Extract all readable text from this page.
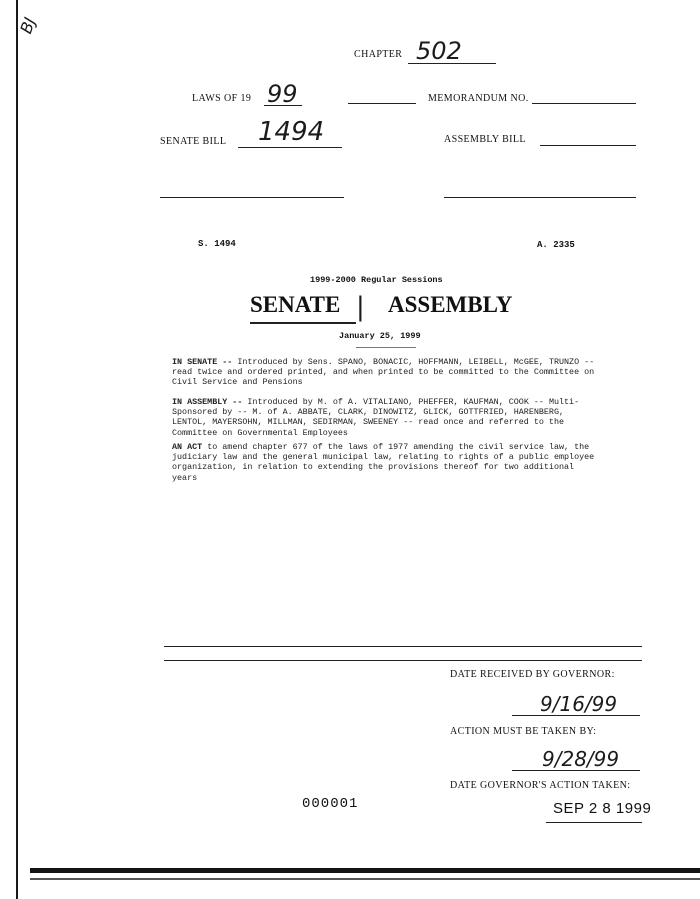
BJ
CHAPTER 502
LAWS OF 19 99	MEMORANDUM NO.
SENATE BILL 1494	ASSEMBLY BILL
S. 1494	A. 2335
1999-2000 Regular Sessions
SENATE | ASSEMBLY
January 25, 1999
IN SENATE -- Introduced by Sens. SPANO, BONACIC, HOFFMANN, LEIBELL, McGEE, TRUNZO -- read twice and ordered printed, and when printed to be committed to the Committee on Civil Service and Pensions
IN ASSEMBLY -- Introduced by M. of A. VITALIANO, PHEFFER, KAUFMAN, COOK -- Multi-Sponsored by -- M. of A. ABBATE, CLARK, DINOWITZ, GLICK, GOTTFRIED, HARENBERG, LENTOL, MAYERSOHN, MILLMAN, SEDIRMAN, SWEENEY -- read once and referred to the Committee on Governmental Employees
AN ACT to amend chapter 677 of the laws of 1977 amending the civil service law, the judiciary law and the general municipal law, relating to rights of a public employee organization, in relation to extending the provisions thereof for two additional years
DATE RECEIVED BY GOVERNOR:
9/16/99
ACTION MUST BE TAKEN BY:
9/28/99
DATE GOVERNOR'S ACTION TAKEN:
SEP 2 8 1999
000001
